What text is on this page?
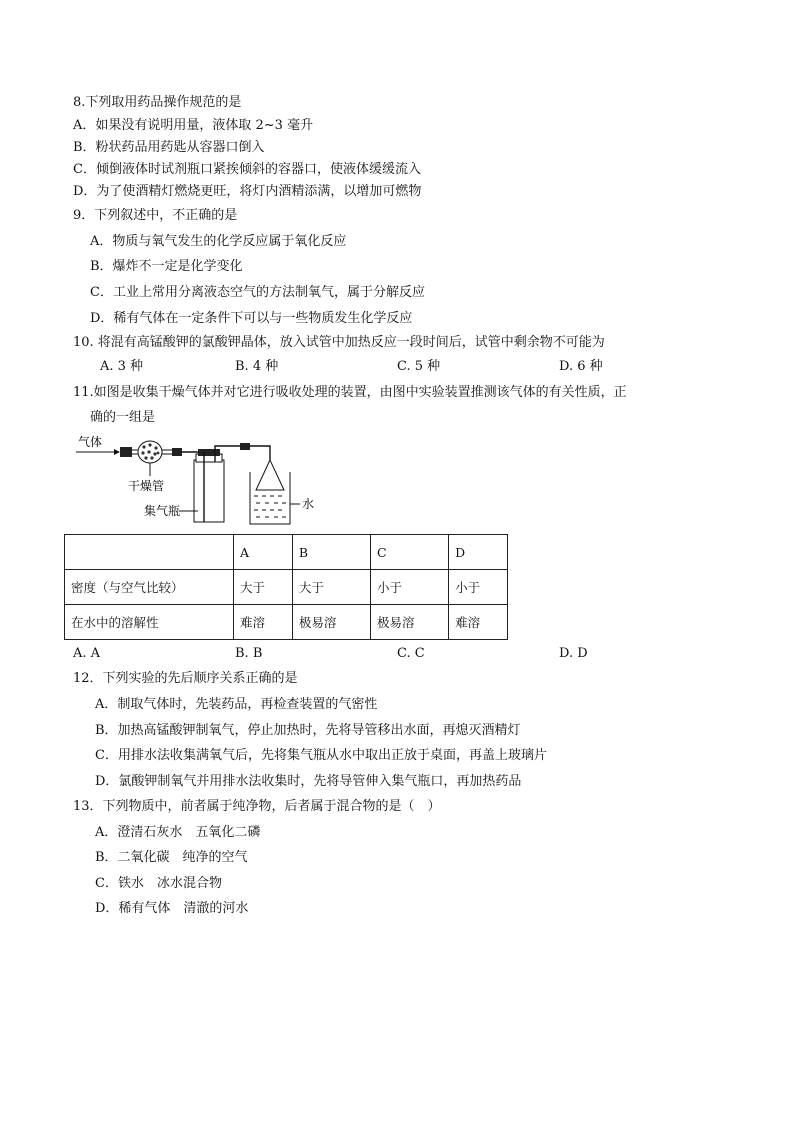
8.下列取用药品操作规范的是
A．如果没有说明用量，液体取 2~3 毫升
B．粉状药品用药匙从容器口倒入
C．倾倒液体时试剂瓶口紧挨倾斜的容器口，使液体缓缓流入
D．为了使酒精灯燃烧更旺，将灯内酒精添满，以增加可燃物
9．下列叙述中，不正确的是
A．物质与氧气发生的化学反应属于氧化反应
B．爆炸不一定是化学变化
C．工业上常用分离液态空气的方法制氧气，属于分解反应
D．稀有气体在一定条件下可以与一些物质发生化学反应
10. 将混有高锰酸钾的氯酸钾晶体，放入试管中加热反应一段时间后，试管中剩余物不可能为
A. 3 种	B. 4 种	C. 5 种	D. 6 种
11.如图是收集干燥气体并对它进行吸收处理的装置，由图中实验装置推测该气体的有关性质，正
确的一组是
气体
干燥管
集气瓶	水
	A	B	C	D
密度（与空气比较）	大于	大于	小于	小于
在水中的溶解性	难溶	极易溶	极易溶	难溶
A. A	B. B	C. C	D. D
12．下列实验的先后顺序关系正确的是
A．制取气体时，先装药品，再检查装置的气密性
B．加热高锰酸钾制氧气，停止加热时，先将导管移出水面，再熄灭酒精灯
C．用排水法收集满氧气后，先将集气瓶从水中取出正放于桌面，再盖上玻璃片
D．氯酸钾制氧气并用排水法收集时，先将导管伸入集气瓶口，再加热药品
13．下列物质中，前者属于纯净物，后者属于混合物的是（　）
A．澄清石灰水　五氧化二磷
B．二氧化碳　纯净的空气
C．铁水　冰水混合物
D．稀有气体　清澈的河水
